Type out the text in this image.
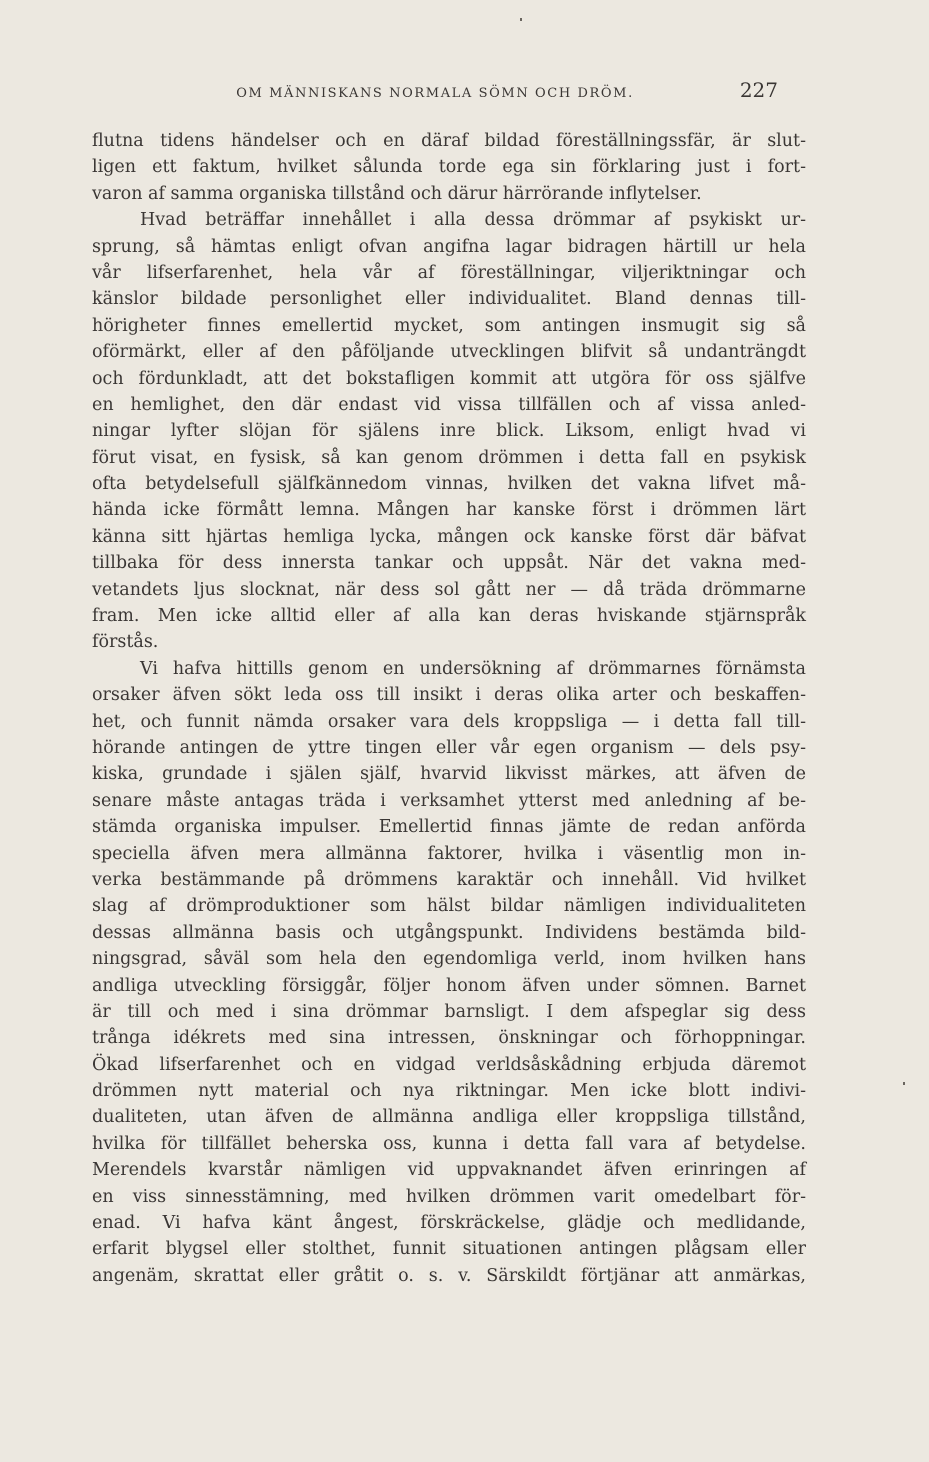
OM MÄNNISKANS NORMALA SÖMN OCH DRÖM.	227
flutna tidens händelser och en däraf bildad föreställningssfär, är slut-
ligen ett faktum, hvilket sålunda torde ega sin förklaring just i fort-
varon af samma organiska tillstånd och därur härrörande inflytelser.
Hvad beträffar innehållet i alla dessa drömmar af psykiskt ur-
sprung, så hämtas enligt ofvan angifna lagar bidragen härtill ur hela
vår lifserfarenhet, hela vår af föreställningar, viljeriktningar och
känslor bildade personlighet eller individualitet. Bland dennas till-
hörigheter finnes emellertid mycket, som antingen insmugit sig så
oförmärkt, eller af den påföljande utvecklingen blifvit så undanträngdt
och fördunkladt, att det bokstafligen kommit att utgöra för oss själfve
en hemlighet, den där endast vid vissa tillfällen och af vissa anled-
ningar lyfter slöjan för själens inre blick. Liksom, enligt hvad vi
förut visat, en fysisk, så kan genom drömmen i detta fall en psykisk
ofta betydelsefull själfkännedom vinnas, hvilken det vakna lifvet må-
hända icke förmått lemna. Mången har kanske först i drömmen lärt
känna sitt hjärtas hemliga lycka, mången ock kanske först där bäfvat
tillbaka för dess innersta tankar och uppsåt. När det vakna med-
vetandets ljus slocknat, när dess sol gått ner — då träda drömmarne
fram. Men icke alltid eller af alla kan deras hviskande stjärnspråk
förstås.
Vi hafva hittills genom en undersökning af drömmarnes förnämsta
orsaker äfven sökt leda oss till insikt i deras olika arter och beskaffen-
het, och funnit nämda orsaker vara dels kroppsliga — i detta fall till-
hörande antingen de yttre tingen eller vår egen organism — dels psy-
kiska, grundade i själen själf, hvarvid likvisst märkes, att äfven de
senare måste antagas träda i verksamhet ytterst med anledning af be-
stämda organiska impulser. Emellertid finnas jämte de redan anförda
speciella äfven mera allmänna faktorer, hvilka i väsentlig mon in-
verka bestämmande på drömmens karaktär och innehåll. Vid hvilket
slag af drömproduktioner som hälst bildar nämligen individualiteten
dessas allmänna basis och utgångspunkt. Individens bestämda bild-
ningsgrad, såväl som hela den egendomliga verld, inom hvilken hans
andliga utveckling försiggår, följer honom äfven under sömnen. Barnet
är till och med i sina drömmar barnsligt. I dem afspeglar sig dess
trånga idékrets med sina intressen, önskningar och förhoppningar.
Ökad lifserfarenhet och en vidgad verldsåskådning erbjuda däremot
drömmen nytt material och nya riktningar. Men icke blott indivi-
dualiteten, utan äfven de allmänna andliga eller kroppsliga tillstånd,
hvilka för tillfället beherska oss, kunna i detta fall vara af betydelse.
Merendels kvarstår nämligen vid uppvaknandet äfven erinringen af
en viss sinnesstämning, med hvilken drömmen varit omedelbart för-
enad. Vi hafva känt ångest, förskräckelse, glädje och medlidande,
erfarit blygsel eller stolthet, funnit situationen antingen plågsam eller
angenäm, skrattat eller gråtit o. s. v. Särskildt förtjänar att anmärkas,
